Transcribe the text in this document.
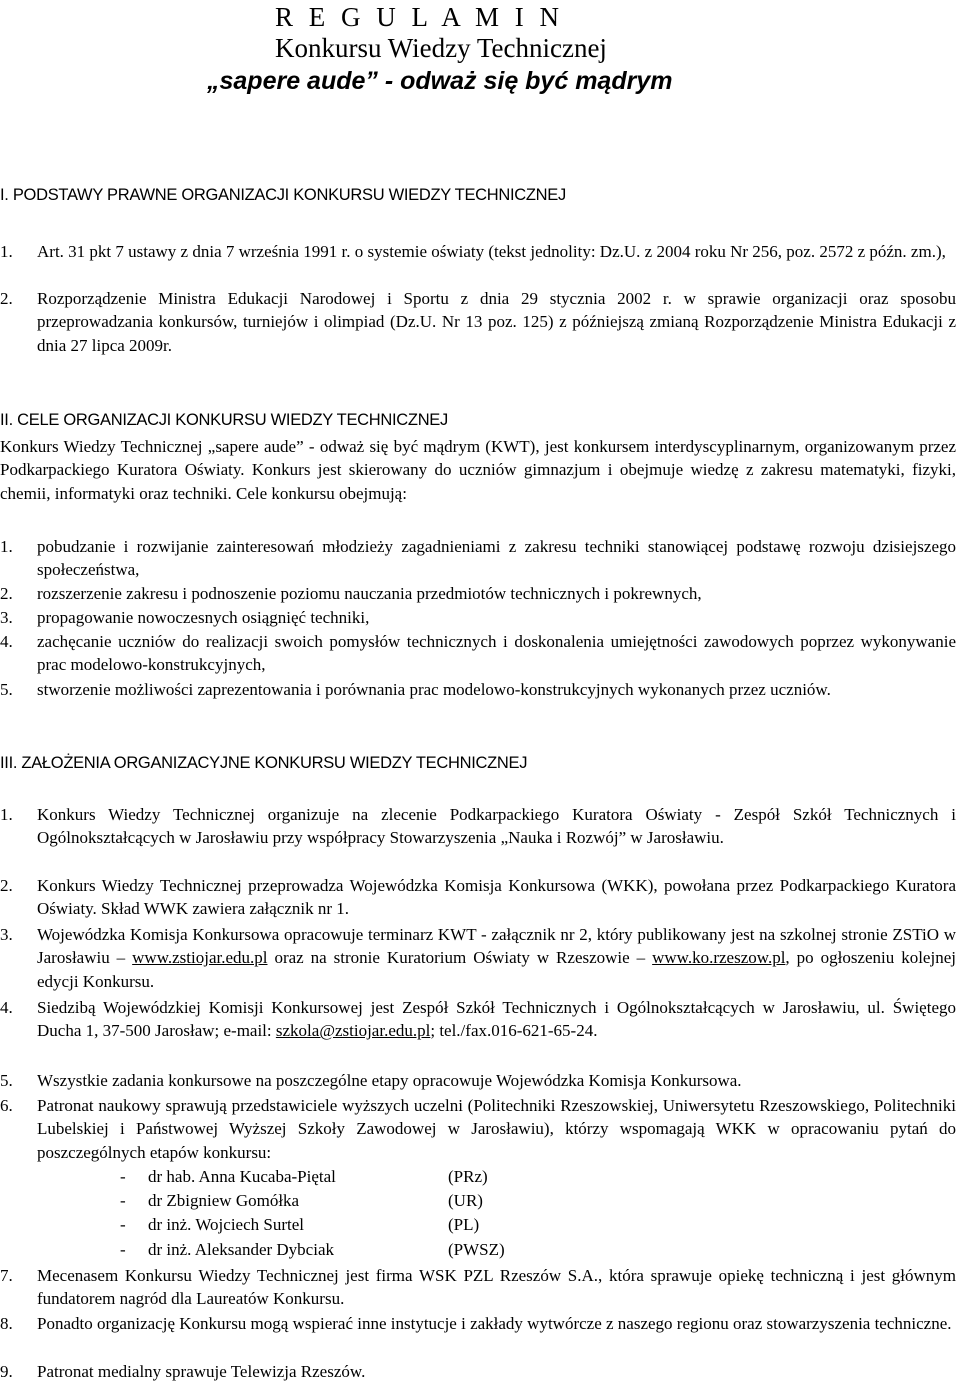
R E G U L A M I N
Konkursu Wiedzy Technicznej
„sapere aude” - odważ się być mądrym
I. PODSTAWY PRAWNE ORGANIZACJI KONKURSU WIEDZY TECHNICZNEJ
1. Art. 31 pkt 7 ustawy z dnia 7 września 1991 r. o systemie oświaty (tekst jednolity: Dz.U. z 2004 roku Nr 256, poz. 2572 z późn. zm.),
2. Rozporządzenie Ministra Edukacji Narodowej i Sportu z dnia 29 stycznia 2002 r. w sprawie organizacji oraz sposobu przeprowadzania konkursów, turniejów i olimpiad (Dz.U. Nr 13 poz. 125) z późniejszą zmianą Rozporządzenie Ministra Edukacji z dnia 27 lipca 2009r.
II. CELE ORGANIZACJI KONKURSU WIEDZY TECHNICZNEJ
Konkurs Wiedzy Technicznej „sapere aude” - odważ się być mądrym (KWT), jest konkursem interdyscyplinarnym, organizowanym przez Podkarpackiego Kuratora Oświaty. Konkurs jest skierowany do uczniów gimnazjum i obejmuje wiedzę z zakresu matematyki, fizyki, chemii, informatyki oraz techniki. Cele konkursu obejmują:
1. pobudzanie i rozwijanie zainteresowań młodzieży zagadnieniami z zakresu techniki stanowiącej podstawę rozwoju dzisiejszego społeczeństwa,
2. rozszerzenie zakresu i podnoszenie poziomu nauczania przedmiotów technicznych i pokrewnych,
3. propagowanie nowoczesnych osiągnięć techniki,
4. zachęcanie uczniów do realizacji swoich pomysłów technicznych i doskonalenia umiejętności zawodowych poprzez wykonywanie prac modelowo-konstrukcyjnych,
5. stworzenie możliwości zaprezentowania i porównania prac modelowo-konstrukcyjnych wykonanych przez uczniów.
III. ZAŁOŻENIA ORGANIZACYJNE KONKURSU WIEDZY TECHNICZNEJ
1. Konkurs Wiedzy Technicznej organizuje na zlecenie Podkarpackiego Kuratora Oświaty - Zespół Szkół Technicznych i Ogólnokształcących w Jarosławiu przy współpracy Stowarzyszenia „Nauka i Rozwój” w Jarosławiu.
2. Konkurs Wiedzy Technicznej przeprowadza Wojewódzka Komisja Konkursowa (WKK), powołana przez Podkarpackiego Kuratora Oświaty. Skład WWK zawiera załącznik nr 1.
3. Wojewódzka Komisja Konkursowa opracowuje terminarz KWT - załącznik nr 2, który publikowany jest na szkolnej stronie ZSTiO w Jarosławiu – www.zstiojar.edu.pl oraz na stronie Kuratorium Oświaty w Rzeszowie – www.ko.rzeszow.pl, po ogłoszeniu kolejnej edycji Konkursu.
4. Siedzibą Wojewódzkiej Komisji Konkursowej jest Zespół Szkół Technicznych i Ogólnokształcących w Jarosławiu, ul. Świętego Ducha 1, 37-500 Jarosław; e-mail: szkola@zstiojar.edu.pl; tel./fax.016-621-65-24.
5. Wszystkie zadania konkursowe na poszczególne etapy opracowuje Wojewódzka Komisja Konkursowa.
6. Patronat naukowy sprawują przedstawiciele wyższych uczelni (Politechniki Rzeszowskiej, Uniwersytetu Rzeszowskiego, Politechniki Lubelskiej i Państwowej Wyższej Szkoły Zawodowej w Jarosławiu), którzy wspomagają WKK w opracowaniu pytań do poszczególnych etapów konkursu:
- dr hab. Anna Kucaba-Piętal	(PRz)
- dr Zbigniew Gomółka	(UR)
- dr inż. Wojciech Surtel	(PL)
- dr inż. Aleksander Dybciak	(PWSZ)
7. Mecenasem Konkursu Wiedzy Technicznej jest firma WSK PZL Rzeszów S.A., która sprawuje opiekę techniczną i jest głównym fundatorem nagród dla Laureatów Konkursu.
8. Ponadto organizację Konkursu mogą wspierać inne instytucje i zakłady wytwórcze z naszego regionu oraz stowarzyszenia techniczne.
9. Patronat medialny sprawuje Telewizja Rzeszów.
